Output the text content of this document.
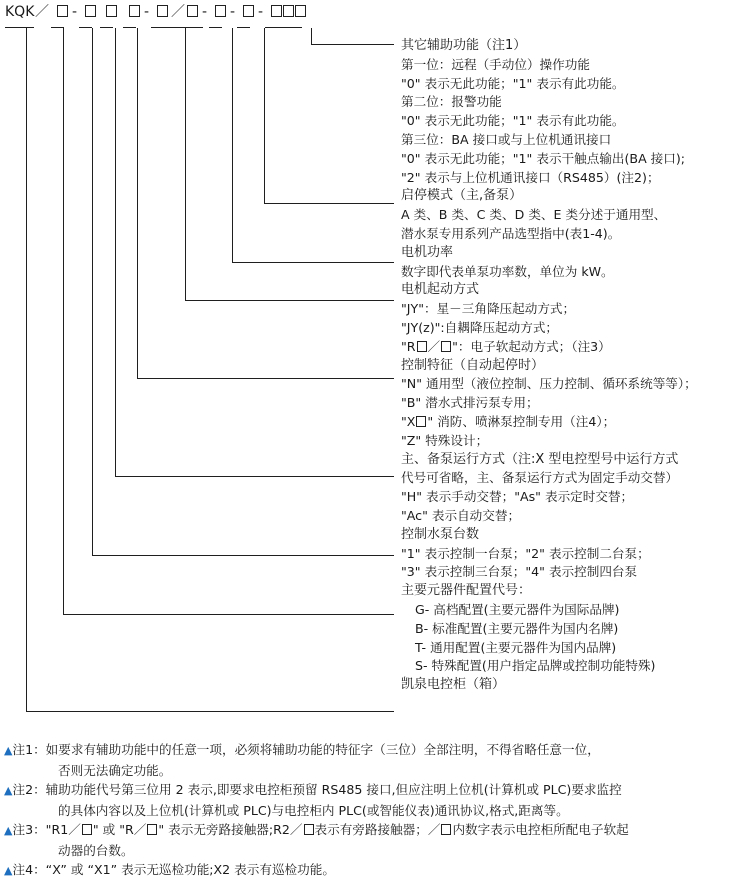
KQK ／ -	- ／ - - -
其它辅助功能（注1）
第一位：远程（手动位）操作功能
"0" 表示无此功能；"1" 表示有此功能。
第二位：报警功能
"0" 表示无此功能；"1" 表示有此功能。
第三位：BA 接口或与上位机通讯接口
"0" 表示无此功能；"1" 表示干触点输出(BA 接口);
"2" 表示与上位机通讯接口（RS485）(注2)；
启停模式（主,备泵）
A 类、B 类、C 类、D 类、E 类分述于通用型、
潜水泵专用系列产品选型指中(表1-4)。
电机功率
数字即代表单泵功率数，单位为 kW。
电机起动方式
"JY"：星－三角降压起动方式；
"JY(z)":自耦降压起动方式；
"R ／ "：电子软起动方式；（注3）
控制特征（自动起停时）
"N" 通用型（液位控制、压力控制、循环系统等等）；
"B" 潜水式排污泵专用；
"X " 消防、喷淋泵控制专用（注4）；
"Z" 特殊设计；
主、备泵运行方式（注:X 型电控型号中运行方式
代号可省略，主、备泵运行方式为固定手动交替）
"H" 表示手动交替；"As" 表示定时交替；
"Ac" 表示自动交替；
控制水泵台数
"1" 表示控制一台泵；"2" 表示控制二台泵；
"3" 表示控制三台泵；"4" 表示控制四台泵
主要元器件配置代号：
G- 高档配置(主要元器件为国际品牌)
B- 标准配置(主要元器件为国内名牌)
T- 通用配置(主要元器件为国内品牌)
S- 特殊配置(用户指定品牌或控制功能特殊)
凯泉电控柜（箱）
▲注1：如要求有辅助功能中的任意一项，必须将辅助功能的特征字（三位）全部注明，不得省略任意一位，
否则无法确定功能。
▲注2：辅助功能代号第三位用 2 表示,即要求电控柜预留 RS485 接口,但应注明上位机(计算机或 PLC)要求监控
的具体内容以及上位机(计算机或 PLC)与电控柜内 PLC(或智能仪表)通讯协议,格式,距离等。
▲注3："R1／ " 或 "R／ " 表示无旁路接触器;R2／ 表示有旁路接触器；／ 内数字表示电控柜所配电子软起
动器的台数。
▲注4：“X” 或 “X1” 表示无巡检功能;X2 表示有巡检功能。
